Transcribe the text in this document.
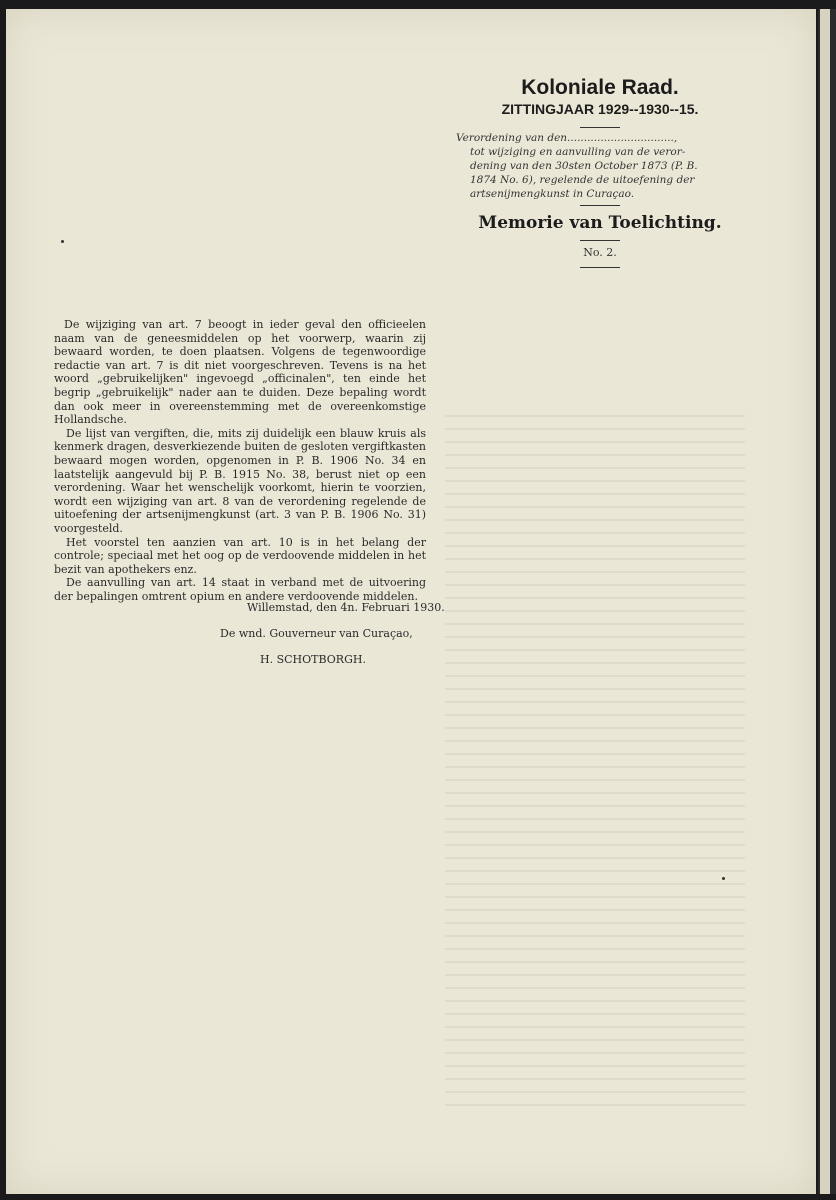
Koloniale Raad.
ZITTINGJAAR 1929--1930--15.
Verordening van den................................,
tot wijziging en aanvulling van de veror-
dening van den 30sten October 1873 (P. B.
1874 No. 6), regelende de uitoefening der
artsenijmengkunst in Curaçao.
Memorie van Toelichting.
No. 2.

De wijziging van art. 7 beoogt in ieder geval den officieelen naam van de geneesmiddelen op het voorwerp, waarin zij bewaard worden, te doen plaatsen. Volgens de tegenwoordige redactie van art. 7 is dit niet voorgeschreven. Tevens is na het woord „gebruikelijken" ingevoegd „officinalen", ten einde het begrip „gebruikelijk" nader aan te duiden. Deze bepaling wordt dan ook meer in overeenstemming met de overeenkomstige Hollandsche.

De lijst van vergiften, die, mits zij duidelijk een blauw kruis als kenmerk dragen, desverkiezende buiten de gesloten vergiftkasten bewaard mogen worden, opgenomen in P. B. 1906 No. 34 en laatstelijk aangevuld bij P. B. 1915 No. 38, berust niet op een verordening. Waar het wenschelijk voorkomt, hierin te voorzien, wordt een wijziging van art. 8 van de verordening regelende de uitoefening der artsenijmengkunst (art. 3 van P. B. 1906 No. 31) voorgesteld.

Het voorstel ten aanzien van art. 10 is in het belang der controle; speciaal met het oog op de verdoovende middelen in het bezit van apothekers enz.

De aanvulling van art. 14 staat in verband met de uitvoering der bepalingen omtrent opium en andere verdoovende middelen.

Willemstad, den 4n. Februari 1930.
De wnd. Gouverneur van Curaçao,
H. SCHOTBORGH.
